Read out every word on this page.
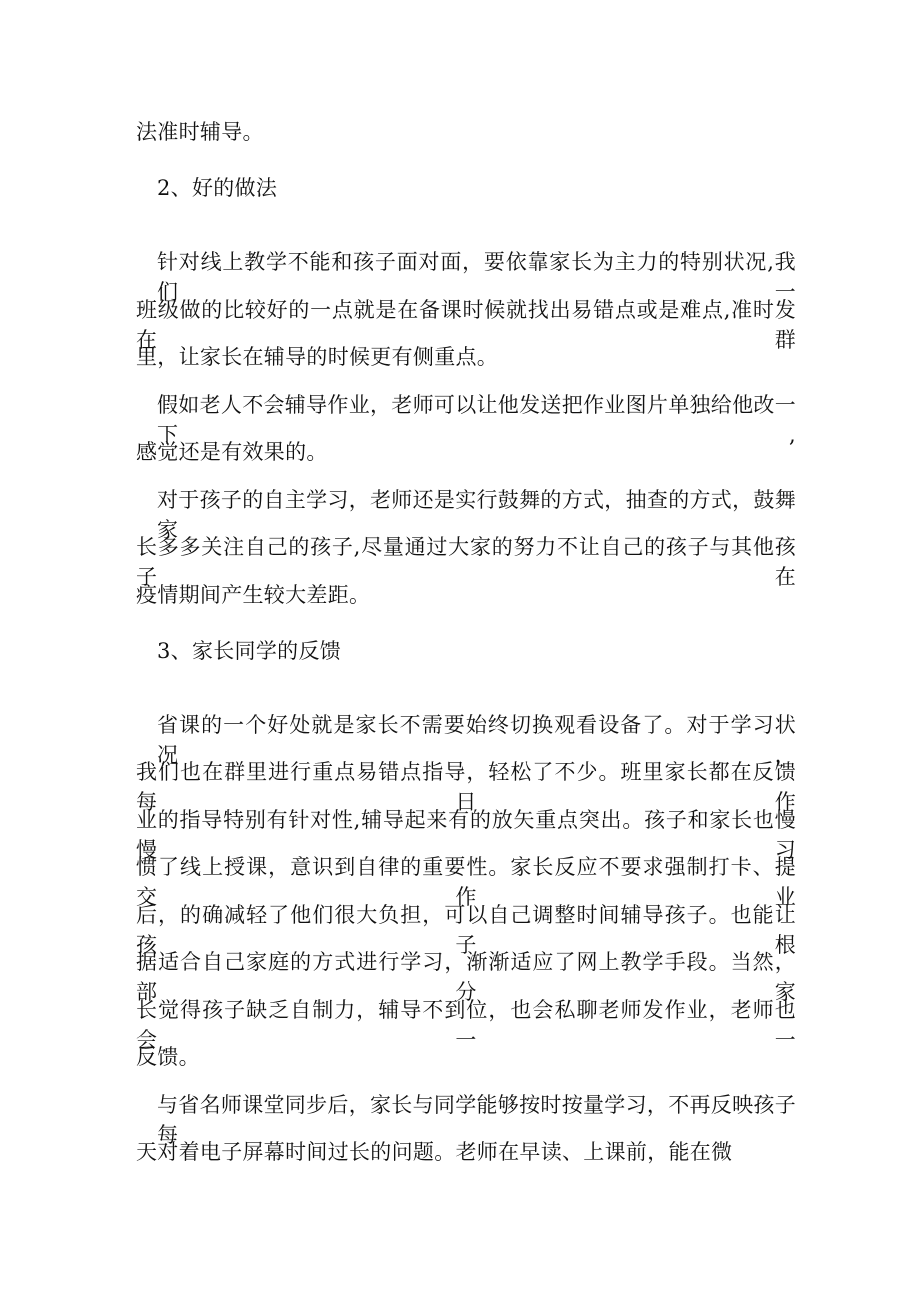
法准时辅导。
2、好的做法
针对线上教学不能和孩子面对面，要依靠家长为主力的特别状况,我们一
班级做的比较好的一点就是在备课时候就找出易错点或是难点,准时发在群
里，让家长在辅导的时候更有侧重点。
假如老人不会辅导作业，老师可以让他发送把作业图片单独给他改一下,
感觉还是有效果的。
对于孩子的自主学习，老师还是实行鼓舞的方式，抽查的方式，鼓舞家
长多多关注自己的孩子,尽量通过大家的努力不让自己的孩子与其他孩子在
疫情期间产生较大差距。
3、家长同学的反馈
省课的一个好处就是家长不需要始终切换观看设备了。对于学习状况，
我们也在群里进行重点易错点指导，轻松了不少。班里家长都在反馈每日作
业的指导特别有针对性,辅导起来有的放矢重点突出。孩子和家长也慢慢习
惯了线上授课，意识到自律的重要性。家长反应不要求强制打卡、提交作业
后，的确减轻了他们很大负担，可以自己调整时间辅导孩子。也能让孩子根
据适合自己家庭的方式进行学习，渐渐适应了网上教学手段。当然，部分家
长觉得孩子缺乏自制力，辅导不到位，也会私聊老师发作业，老师也会一一
反馈。
与省名师课堂同步后，家长与同学能够按时按量学习，不再反映孩子每
天对着电子屏幕时间过长的问题。老师在早读、上课前，能在微
